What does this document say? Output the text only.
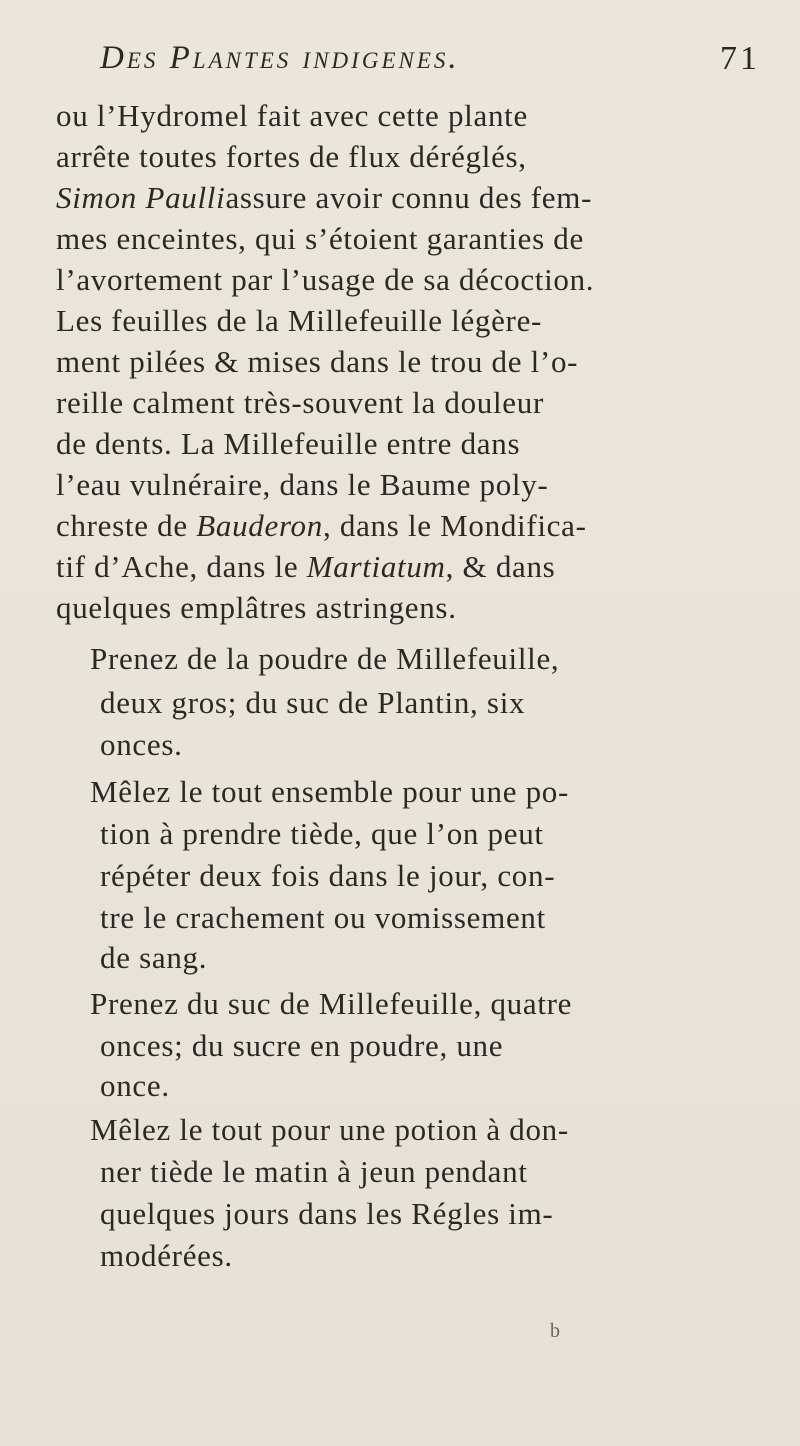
Des Plantes indigenes.	71
ou l’Hydromel fait avec cette plante
arrête toutes fortes de flux déréglés,
Simon Paulliassure avoir connu des fem-
mes enceintes, qui s’étoient garanties de
l’avortement par l’usage de sa décoction.
Les feuilles de la Millefeuille légère-
ment pilées & mises dans le trou de l’o-
reille calment très-souvent la douleur
de dents. La Millefeuille entre dans
l’eau vulnéraire, dans le Baume poly-
chreste de Bauderon, dans le Mondifica-
tif d’Ache, dans le Martiatum, & dans
quelques emplâtres astringens.
Prenez de la poudre de Millefeuille,
deux gros; du suc de Plantin, six
onces.
Mêlez le tout ensemble pour une po-
tion à prendre tiède, que l’on peut
répéter deux fois dans le jour, con-
tre le crachement ou vomissement
de sang.
Prenez du suc de Millefeuille, quatre
onces; du sucre en poudre, une
once.
Mêlez le tout pour une potion à don-
ner tiède le matin à jeun pendant
quelques jours dans les Régles im-
modérées.
b
